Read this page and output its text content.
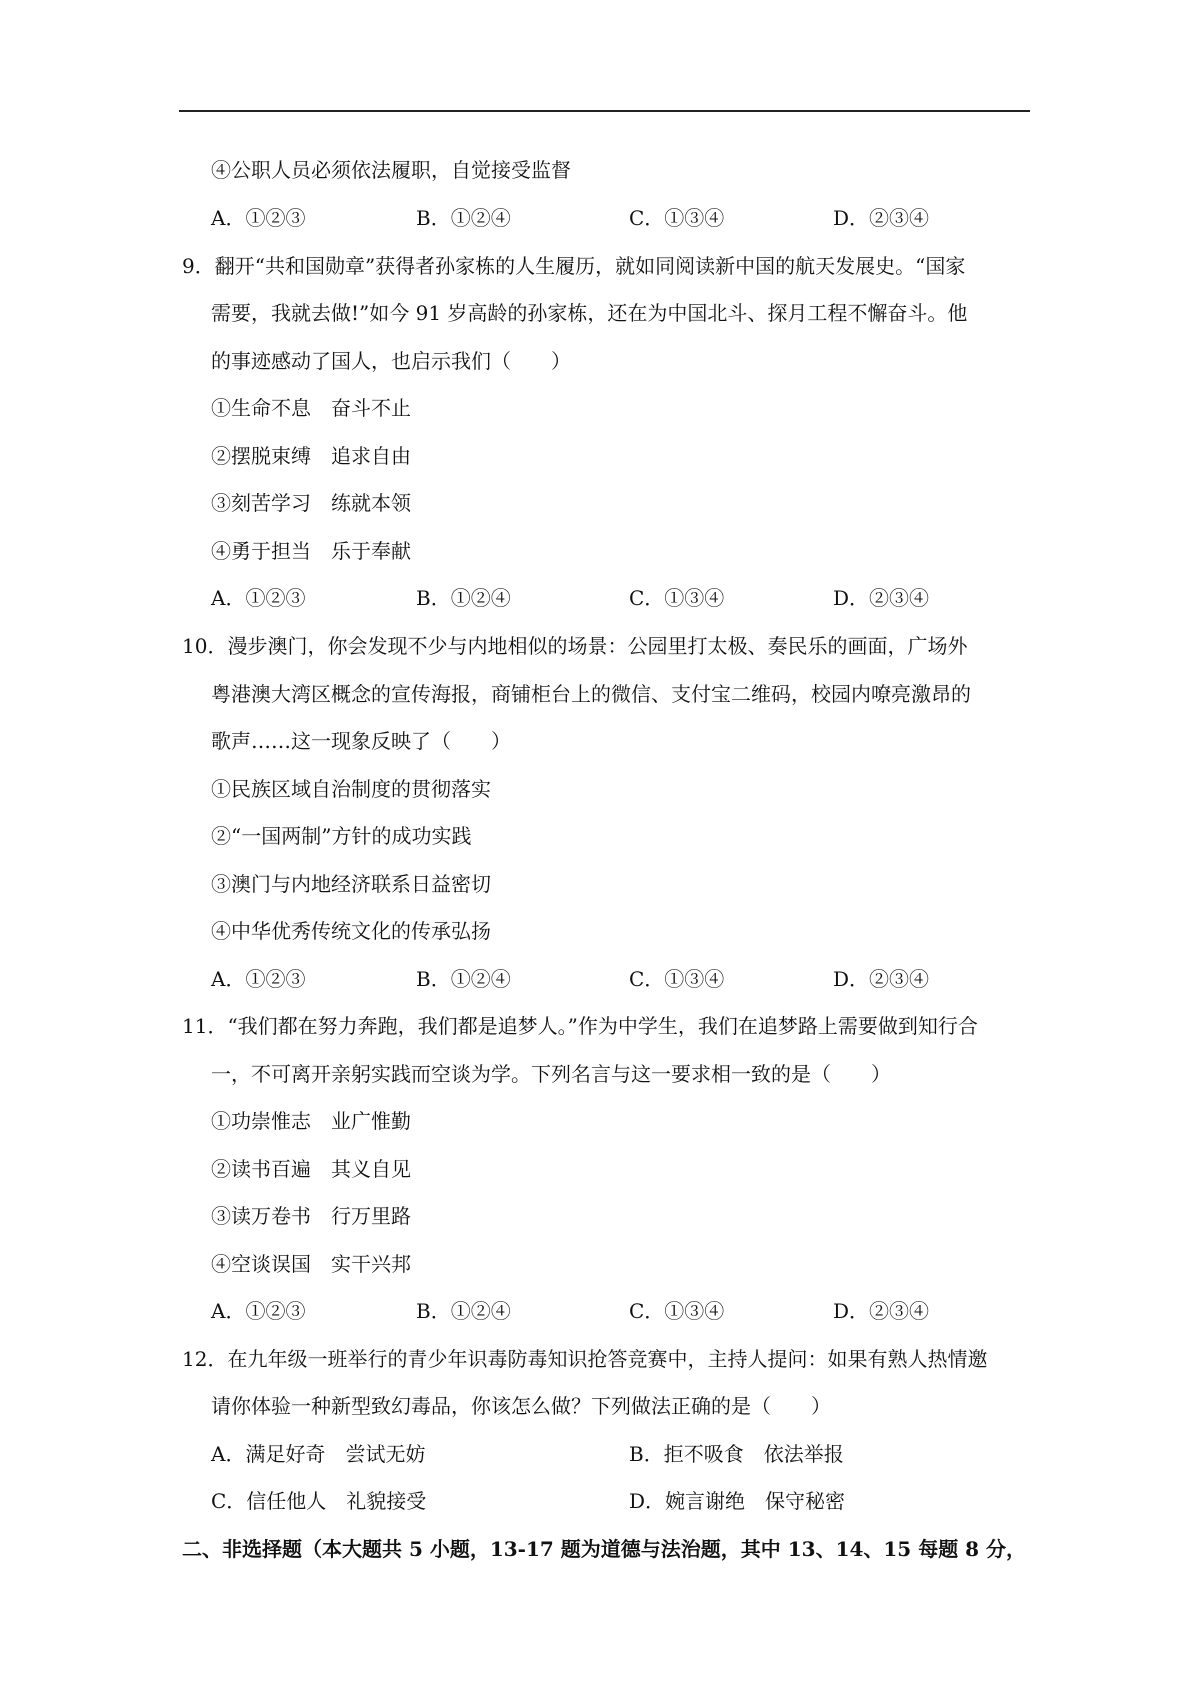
④公职人员必须依法履职，自觉接受监督
A．①②③	B．①②④	C．①③④	D．②③④
9．翻开“共和国勋章”获得者孙家栋的人生履历，就如同阅读新中国的航天发展史。“国家
需要，我就去做!”如今 91 岁高龄的孙家栋，还在为中国北斗、探月工程不懈奋斗。他
的事迹感动了国人，也启示我们（　　）
①生命不息　奋斗不止
②摆脱束缚　追求自由
③刻苦学习　练就本领
④勇于担当　乐于奉献
A．①②③	B．①②④	C．①③④	D．②③④
10．漫步澳门，你会发现不少与内地相似的场景：公园里打太极、奏民乐的画面，广场外
粤港澳大湾区概念的宣传海报，商铺柜台上的微信、支付宝二维码，校园内嘹亮激昂的
歌声……这一现象反映了（　　）
①民族区域自治制度的贯彻落实
②“一国两制”方针的成功实践
③澳门与内地经济联系日益密切
④中华优秀传统文化的传承弘扬
A．①②③	B．①②④	C．①③④	D．②③④
11．“我们都在努力奔跑，我们都是追梦人。”作为中学生，我们在追梦路上需要做到知行合
一，不可离开亲躬实践而空谈为学。下列名言与这一要求相一致的是（　　）
①功崇惟志　业广惟勤
②读书百遍　其义自见
③读万卷书　行万里路
④空谈误国　实干兴邦
A．①②③	B．①②④	C．①③④	D．②③④
12．在九年级一班举行的青少年识毒防毒知识抢答竞赛中，主持人提问：如果有熟人热情邀
请你体验一种新型致幻毒品，你该怎么做？下列做法正确的是（　　）
A．满足好奇　尝试无妨	B．拒不吸食　依法举报
C．信任他人　礼貌接受	D．婉言谢绝　保守秘密
二、非选择题（本大题共 5 小题，13-17 题为道德与法治题，其中 13、14、15 每题 8 分，
